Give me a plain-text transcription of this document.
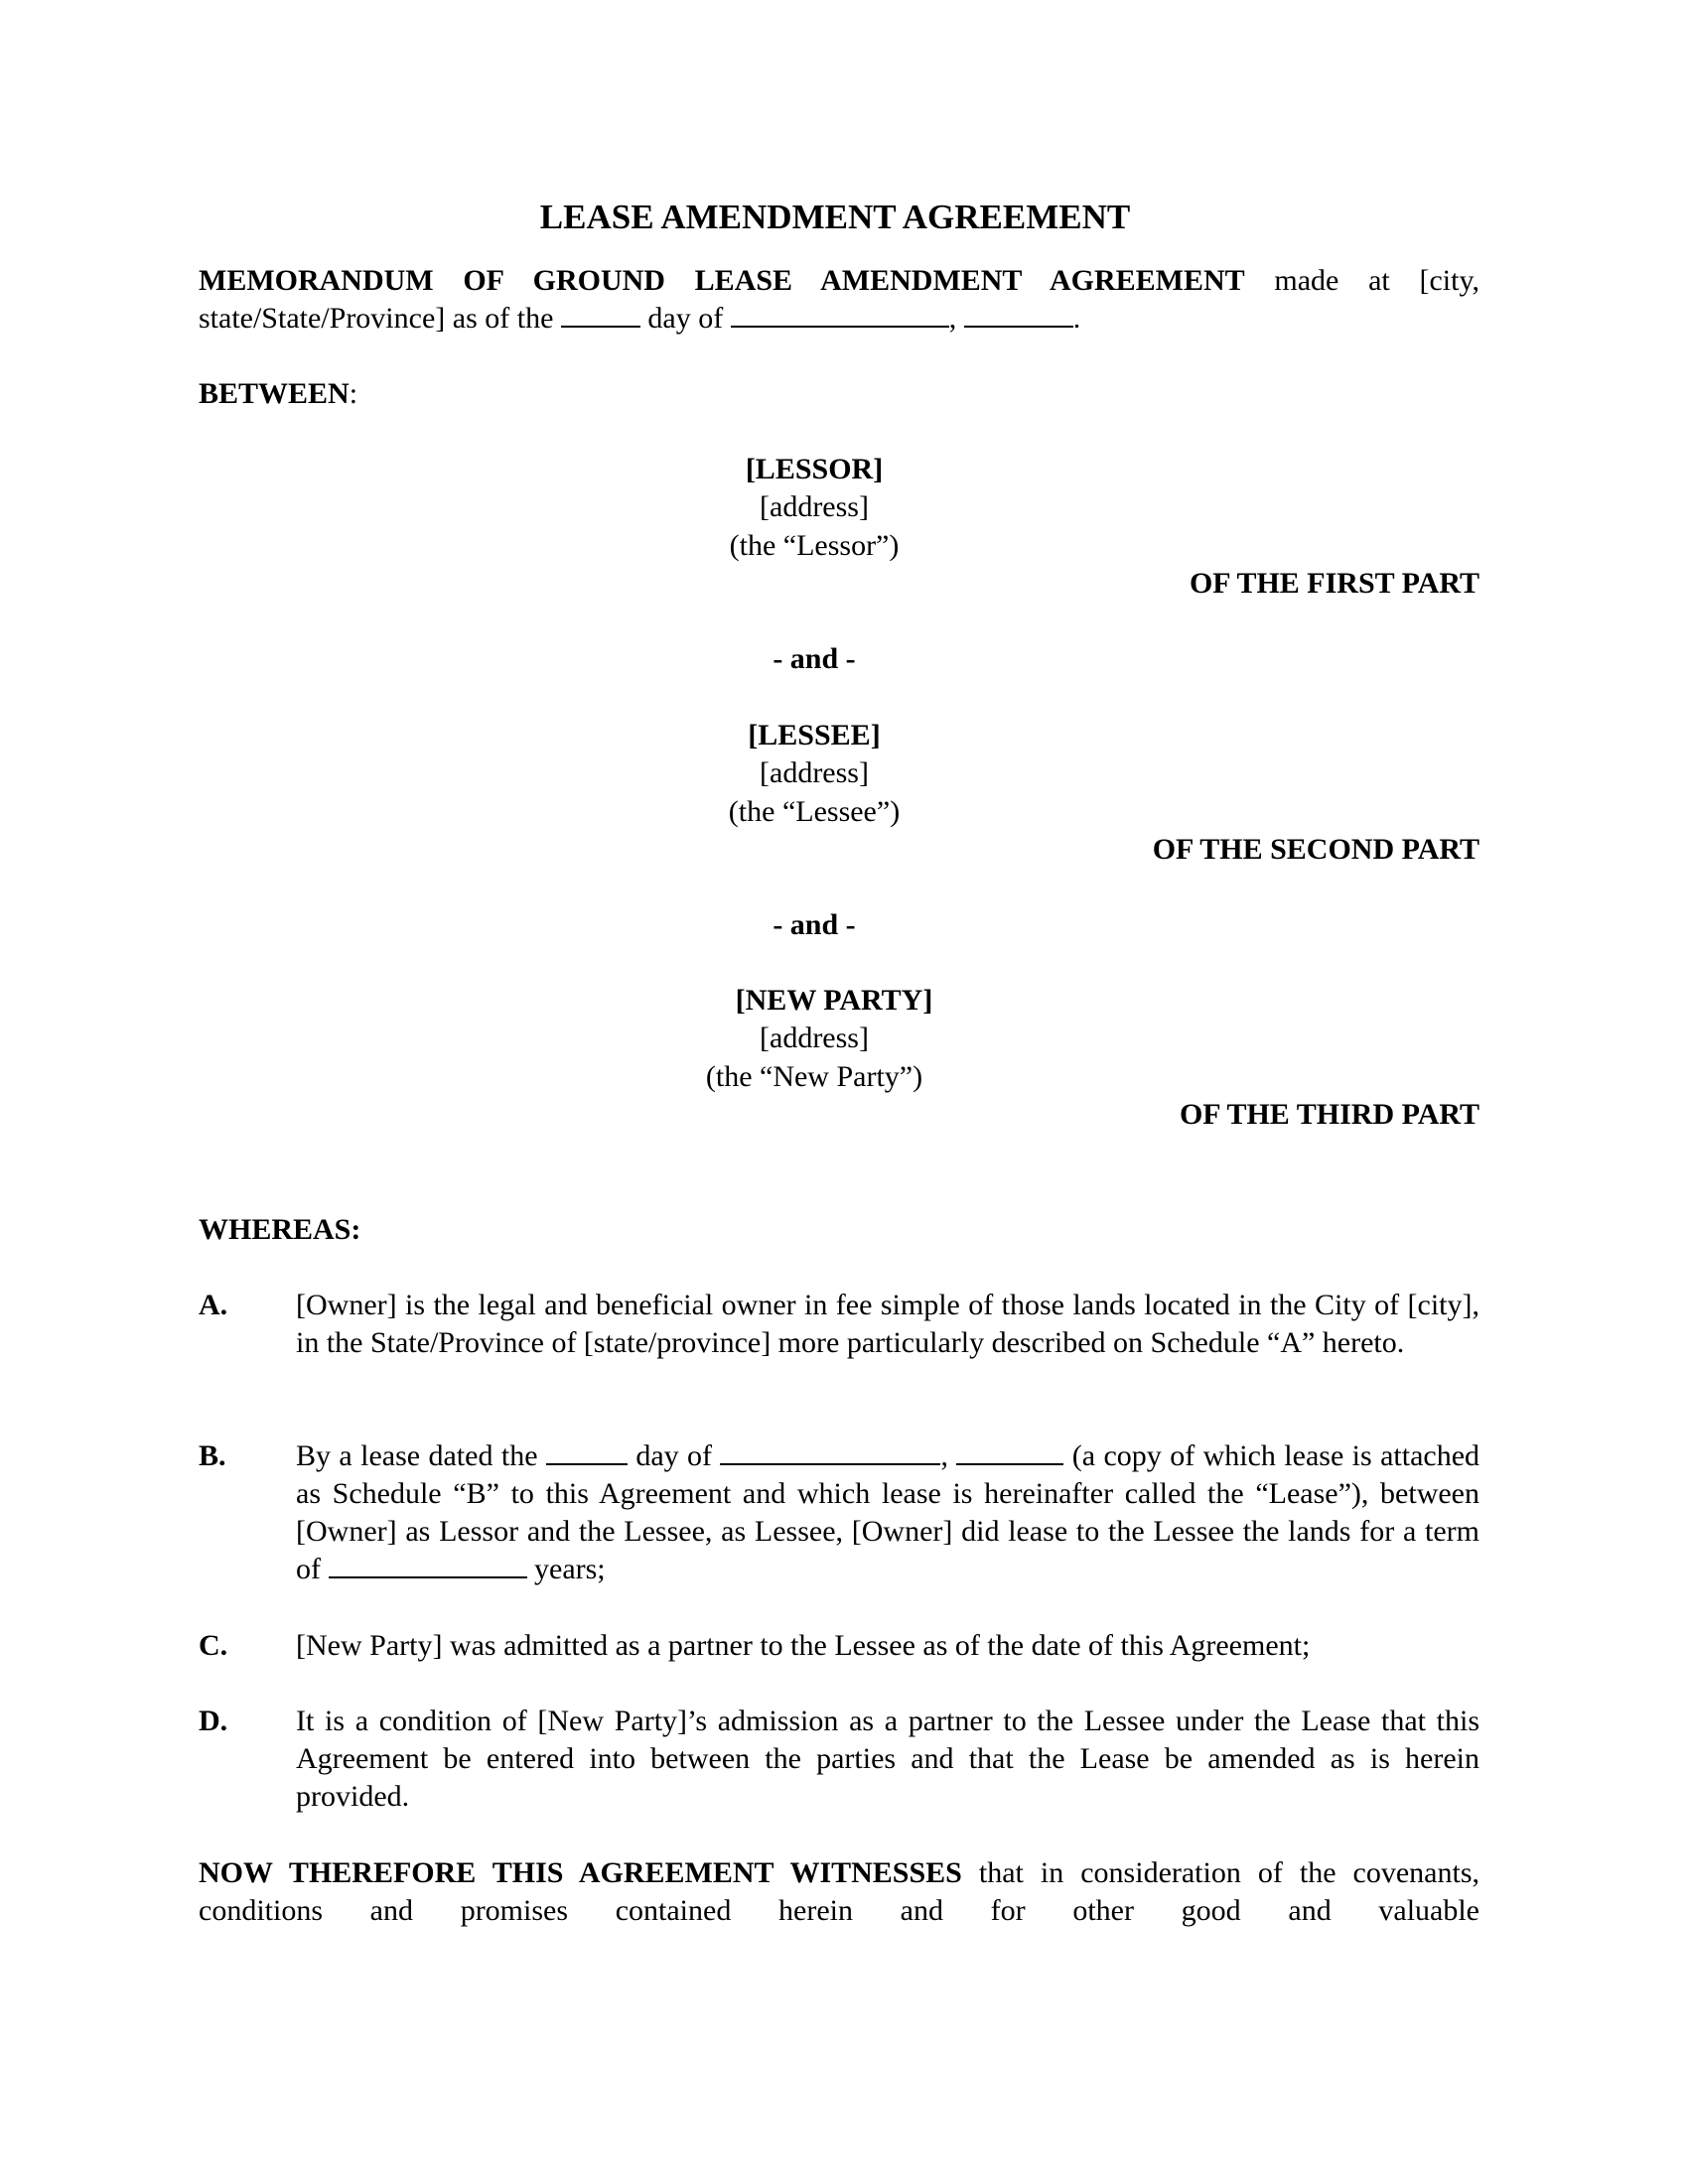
LEASE AMENDMENT AGREEMENT
MEMORANDUM OF GROUND LEASE AMENDMENT AGREEMENT made at [city,
state/State/Province] as of the	day of	,	.
BETWEEN:
[LESSOR]
[address]
(the “Lessor”)
OF THE FIRST PART
- and -
[LESSEE]
[address]
(the “Lessee”)
OF THE SECOND PART
- and -
[NEW PARTY]
[address]
(the “New Party”)
OF THE THIRD PART
WHEREAS:
A. [Owner] is the legal and beneficial owner in fee simple of those lands located in the City of [city], in the State/Province of [state/province] more particularly described on Schedule “A” hereto.
B. By a lease dated the	day of	,	(a copy of which lease is attached as Schedule “B” to this Agreement and which lease is hereinafter called the “Lease”), between [Owner] as Lessor and the Lessee, as Lessee, [Owner] did lease to the Lessee the lands for a term of	years;
C. [New Party] was admitted as a partner to the Lessee as of the date of this Agreement;
D. It is a condition of [New Party]’s admission as a partner to the Lessee under the Lease that this Agreement be entered into between the parties and that the Lease be amended as is herein provided.
NOW THEREFORE THIS AGREEMENT WITNESSES that in consideration of the covenants, conditions and promises contained herein and for other good and valuable
